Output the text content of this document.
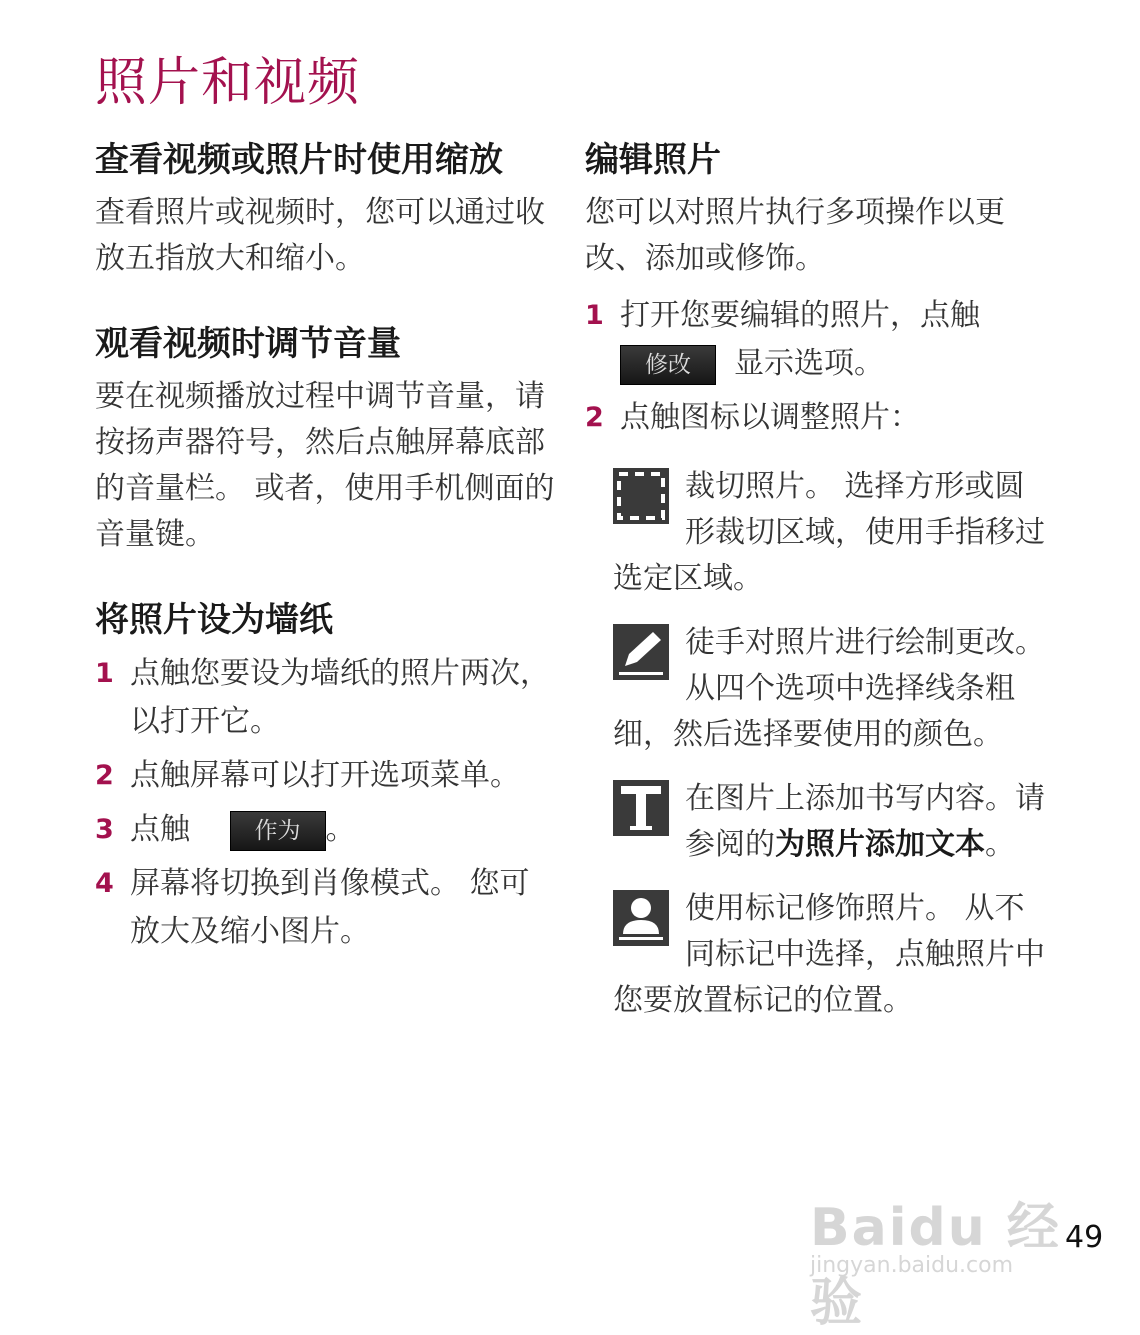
照片和视频
查看视频或照片时使用缩放

查看照片或视频时，您可以通过收放五指放大和缩小。

观看视频时调节音量

要在视频播放过程中调节音量，请按扬声器符号，然后点触屏幕底部的音量栏。 或者，使用手机侧面的音量键。

将照片设为墙纸
1 点触您要设为墙纸的照片两次，以打开它。
2 点触屏幕可以打开选项菜单。
3 点触	作为 。
4 屏幕将切换到肖像模式。 您可放大及缩小图片。
编辑照片

您可以对照片执行多项操作以更改、添加或修饰。

1 打开您要编辑的照片，点触
修改 显示选项。
2 点触图标以调整照片：
裁切照片。 选择方形或圆形裁切区域，使用手指移过选定区域。
徒手对照片进行绘制更改。 从四个选项中选择线条粗细，然后选择要使用的颜色。
在图片上添加书写内容。请参阅的为照片添加文本。
使用标记修饰照片。 从不同标记中选择，点触照片中您要放置标记的位置。
Baidu 经验
jingyan.baidu.com
49
